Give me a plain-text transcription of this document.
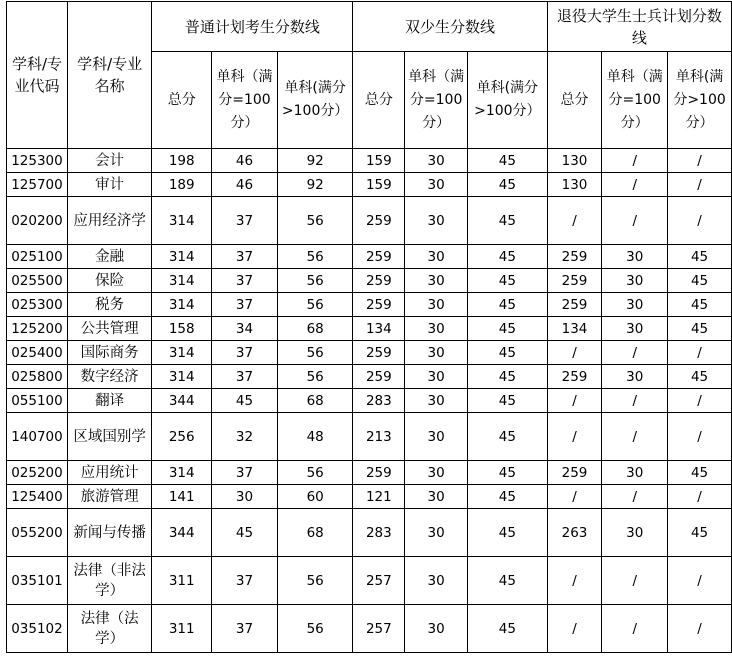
学科/专业代码	学科/专业名称	普通计划考生分数线			双少生分数线			退役大学生士兵计划分数线		
		总分	单科（满分=100分）	单科(满分>100分）	总分	单科（满分=100分）	单科(满分>100分）	总分	单科（满分=100分）	单科(满分>100分）
125300	会计	198	46	92	159	30	45	130	/	/
125700	审计	189	46	92	159	30	45	130	/	/
020200	应用经济学	314	37	56	259	30	45	/	/	/
025100	金融	314	37	56	259	30	45	259	30	45
025500	保险	314	37	56	259	30	45	259	30	45
025300	税务	314	37	56	259	30	45	259	30	45
125200	公共管理	158	34	68	134	30	45	134	30	45
025400	国际商务	314	37	56	259	30	45	/	/	/
025800	数字经济	314	37	56	259	30	45	259	30	45
055100	翻译	344	45	68	283	30	45	/	/	/
140700	区域国别学	256	32	48	213	30	45	/	/	/
025200	应用统计	314	37	56	259	30	45	259	30	45
125400	旅游管理	141	30	60	121	30	45	/	/	/
055200	新闻与传播	344	45	68	283	30	45	263	30	45
035101	法律（非法学）	311	37	56	257	30	45	/	/	/
035102	法律（法学）	311	37	56	257	30	45	/	/	/
